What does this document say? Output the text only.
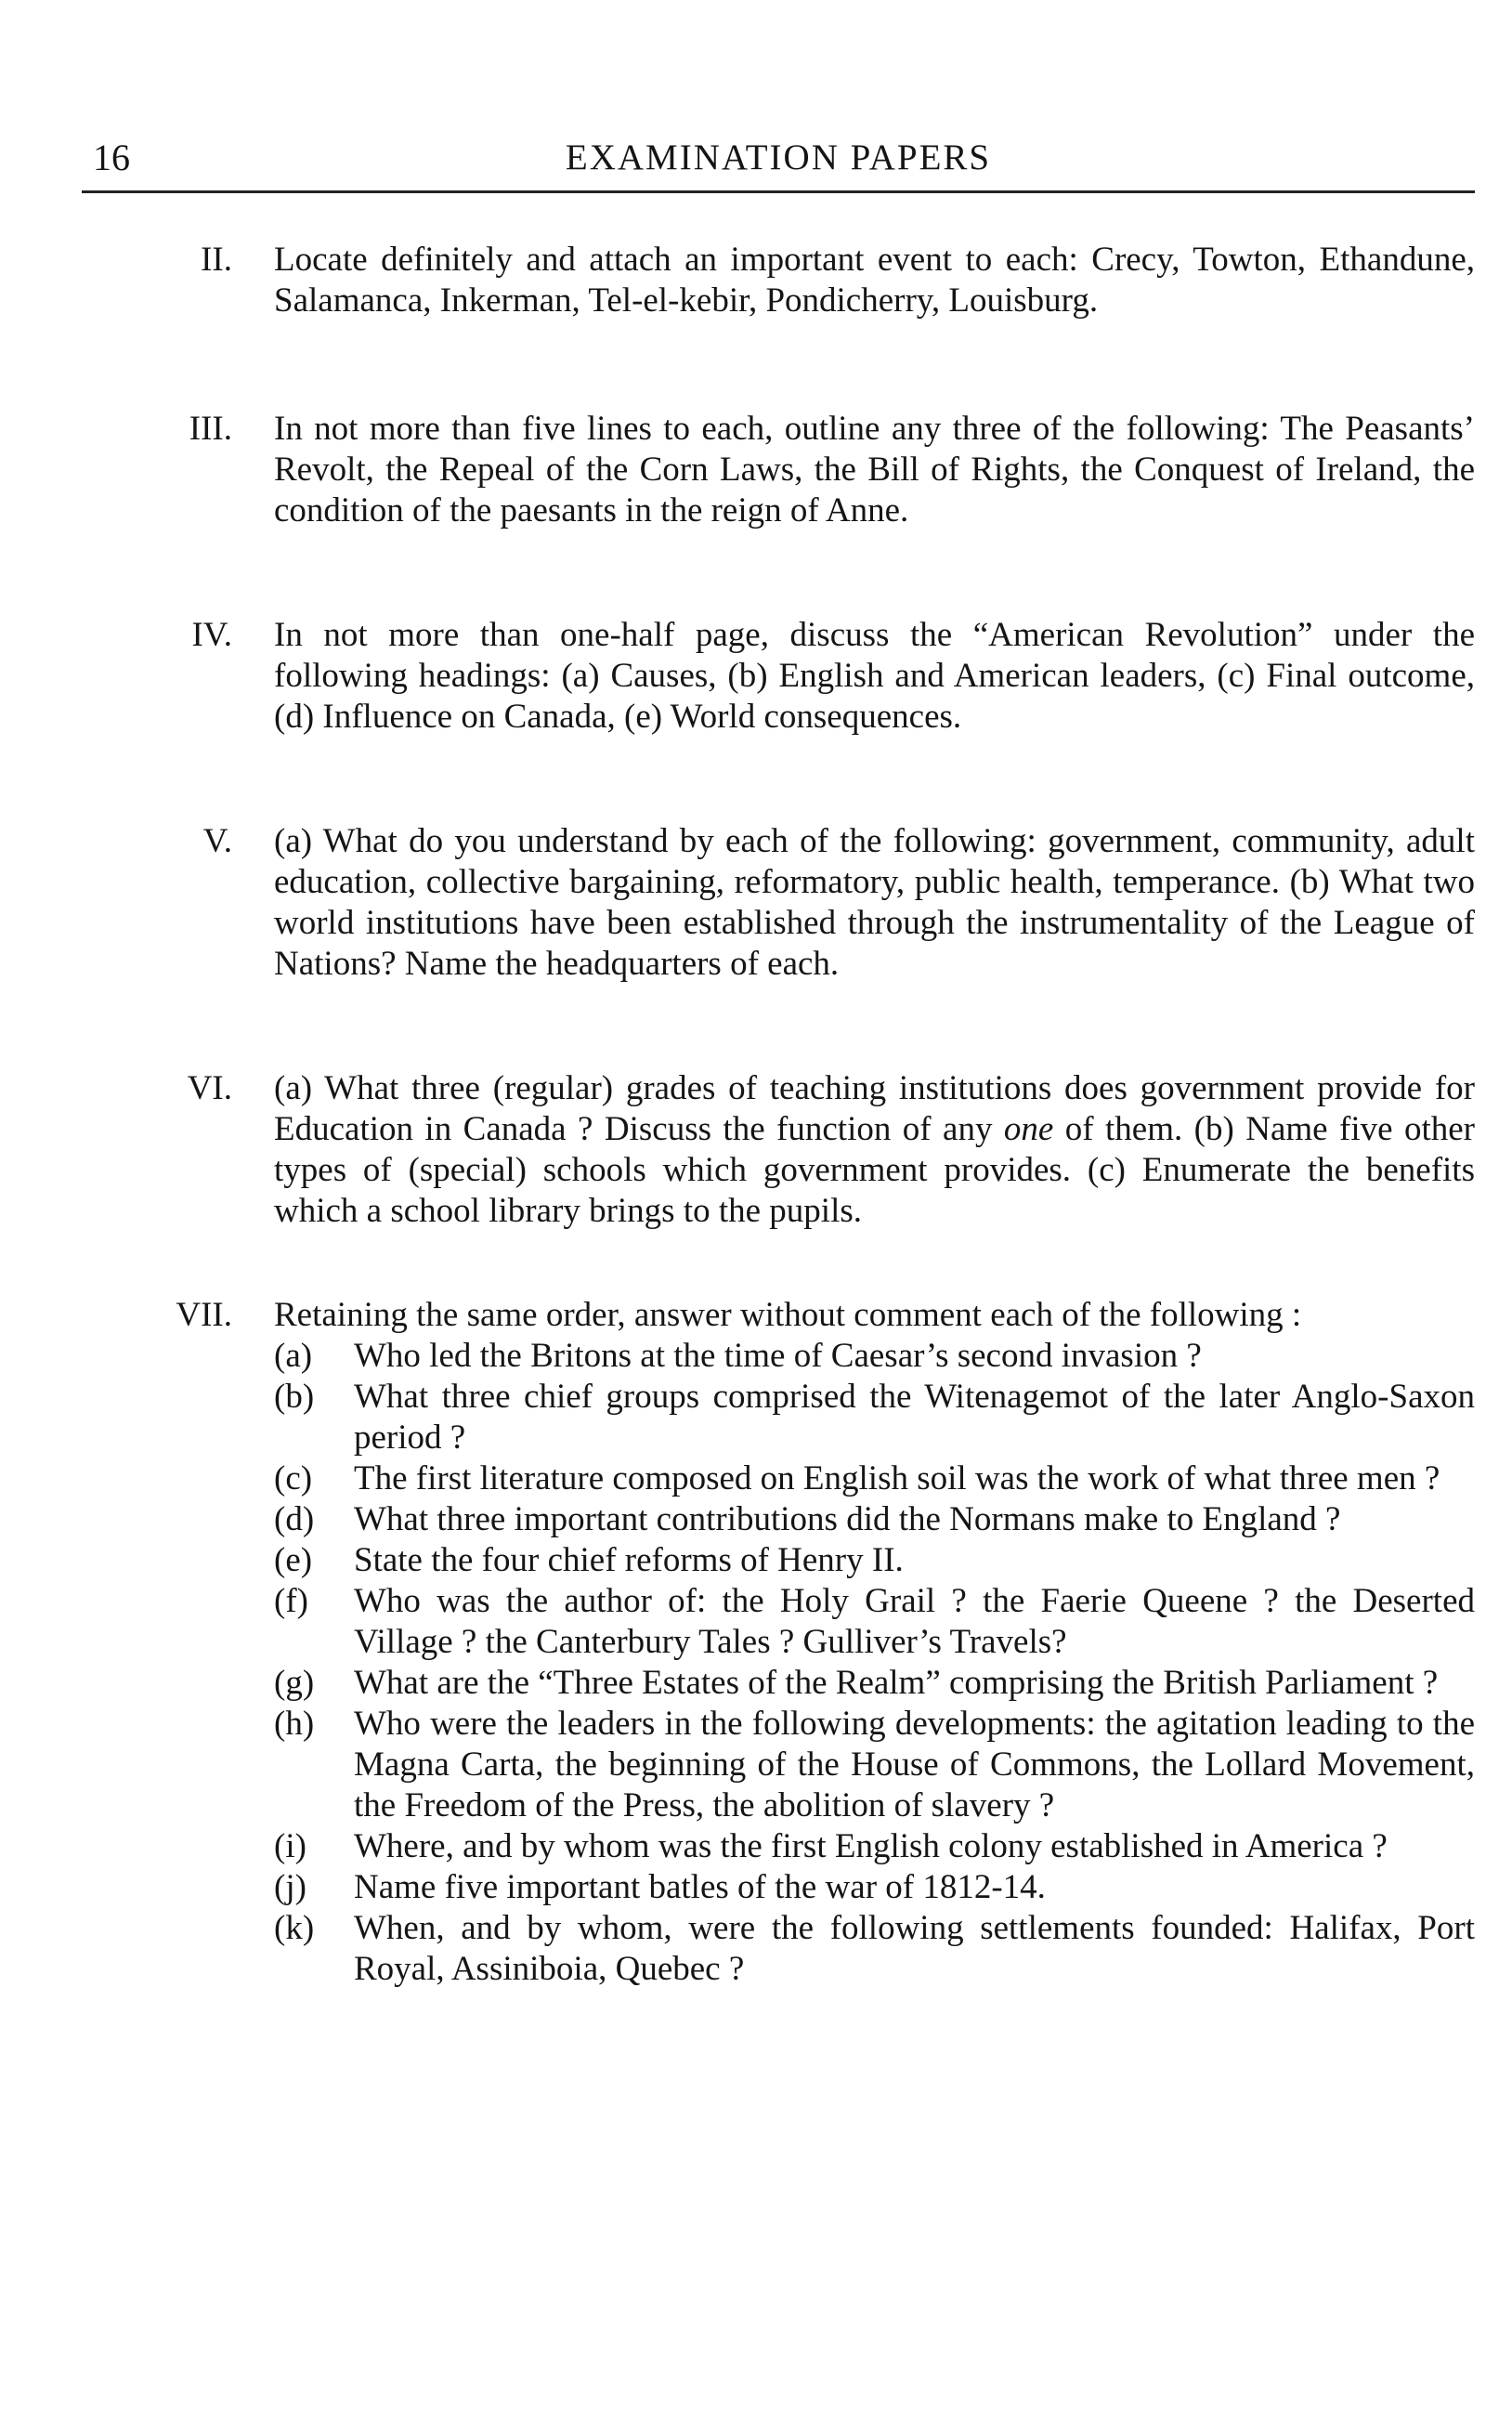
16	EXAMINATION PAPERS
II. Locate definitely and attach an important event to each: Crecy, Towton, Ethandune, Salamanca, Inkerman, Tel-el-kebir, Pondicherry, Louisburg.
III. In not more than five lines to each, outline any three of the following: The Peasants’ Revolt, the Repeal of the Corn Laws, the Bill of Rights, the Conquest of Ireland, the condition of the paesants in the reign of Anne.
IV. In not more than one-half page, discuss the “American Revolution” under the following headings: (a) Causes, (b) English and American leaders, (c) Final outcome, (d) Influence on Canada, (e) World consequences.
V. (a) What do you understand by each of the following: government, community, adult education, collective bargaining, reformatory, public health, temperance. (b) What two world institutions have been established through the instrumentality of the League of Nations? Name the headquarters of each.
VI. (a) What three (regular) grades of teaching institutions does government provide for Education in Canada ? Discuss the function of any one of them. (b) Name five other types of (special) schools which government provides. (c) Enumerate the benefits which a school library brings to the pupils.
VII. Retaining the same order, answer without comment each of the following :
(a)	Who led the Britons at the time of Caesar’s second invasion ?
(b)	What three chief groups comprised the Witenagemot of the later Anglo-Saxon period ?
(c)	The first literature composed on English soil was the work of what three men ?
(d)	What three important contributions did the Normans make to England ?
(e)	State the four chief reforms of Henry II.
(f)	Who was the author of: the Holy Grail ? the Faerie Queene ? the Deserted Village ? the Canterbury Tales ? Gulliver’s Travels?
(g)	What are the “Three Estates of the Realm” comprising the British Parliament ?
(h)	Who were the leaders in the following developments: the agitation leading to the Magna Carta, the beginning of the House of Commons, the Lollard Movement, the Freedom of the Press, the abolition of slavery ?
(i)	Where, and by whom was the first English colony established in America ?
(j)	Name five important batles of the war of 1812-14.
(k)	When, and by whom, were the following settlements founded: Halifax, Port Royal, Assiniboia, Quebec ?
